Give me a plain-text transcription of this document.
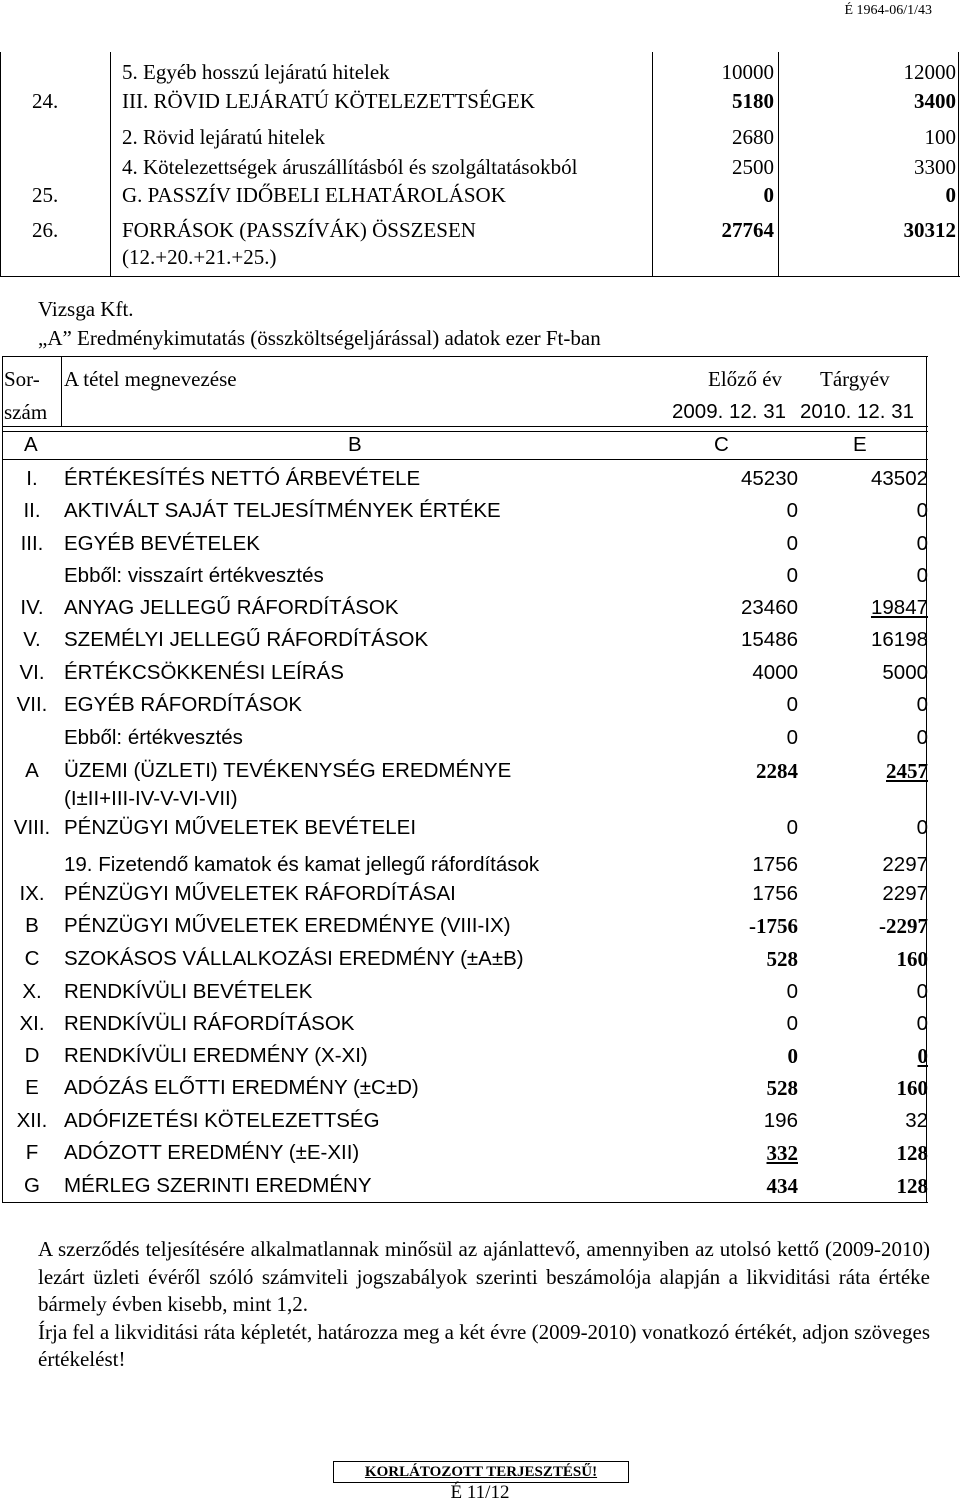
É 1964-06/1/43
5. Egyéb hosszú lejáratú hitelek	10000	12000
24.	III. RÖVID LEJÁRATÚ KÖTELEZETTSÉGEK	5180	3400
2. Rövid lejáratú hitelek	2680	100
4. Kötelezettségek áruszállításból és szolgáltatásokból	2500	3300
25.	G. PASSZÍV IDŐBELI ELHATÁROLÁSOK	0	0
26.	FORRÁSOK (PASSZÍVÁK) ÖSSZESEN	27764	30312
(12.+20.+21.+25.)
Vizsga Kft.
„A” Eredménykimutatás (összköltségeljárással) adatok ezer Ft-ban
Sor-	A tétel megnevezése	Előző év Tárgyév
szám	2009. 12. 31 2010. 12. 31
A	B	C	E
I.	ÉRTÉKESÍTÉS NETTÓ ÁRBEVÉTELE	45230	43502
II.	AKTIVÁLT SAJÁT TELJESÍTMÉNYEK ÉRTÉKE	0	0
III.	EGYÉB BEVÉTELEK	0	0
Ebből: visszaírt értékvesztés	0	0
IV. ANYAG JELLEGŰ RÁFORDÍTÁSOK	23460	19847
V.	SZEMÉLYI JELLEGŰ RÁFORDÍTÁSOK	15486	16198
VI. ÉRTÉKCSÖKKENÉSI LEÍRÁS	4000	5000
VII. EGYÉB RÁFORDÍTÁSOK	0	0
Ebből: értékvesztés	0	0
A	ÜZEMI (ÜZLETI) TEVÉKENYSÉG EREDMÉNYE	2284	2457
(I±II+III-IV-V-VI-VII)
VIII. PÉNZÜGYI MŰVELETEK BEVÉTELEI	0	0
19. Fizetendő kamatok és kamat jellegű ráfordítások	1756	2297
IX. PÉNZÜGYI MŰVELETEK RÁFORDÍTÁSAI	1756	2297
B	PÉNZÜGYI MŰVELETEK EREDMÉNYE (VIII-IX)	-1756	-2297
C	SZOKÁSOS VÁLLALKOZÁSI EREDMÉNY (±A±B)	528	160
X.	RENDKÍVÜLI BEVÉTELEK	0	0
XI. RENDKÍVÜLI RÁFORDÍTÁSOK	0	0
D	RENDKÍVÜLI EREDMÉNY (X-XI)	0	0
E	ADÓZÁS ELŐTTI EREDMÉNY (±C±D)	528	160
XII. ADÓFIZETÉSI KÖTELEZETTSÉG	196	32
F	ADÓZOTT EREDMÉNY (±E-XII)	332	128
G	MÉRLEG SZERINTI EREDMÉNY	434	128

A szerződés teljesítésére alkalmatlannak minősül az ajánlattevő, amennyiben az utolsó kettő (2009-2010) lezárt üzleti évéről szóló számviteli jogszabályok szerinti beszámolója alapján a likviditási ráta értéke bármely évben kisebb, mint 1,2.

Írja fel a likviditási ráta képletét, határozza meg a két évre (2009-2010) vonatkozó értékét, adjon szöveges értékelést!

KORLÁTOZOTT TERJESZTÉSŰ!
É 11/12
